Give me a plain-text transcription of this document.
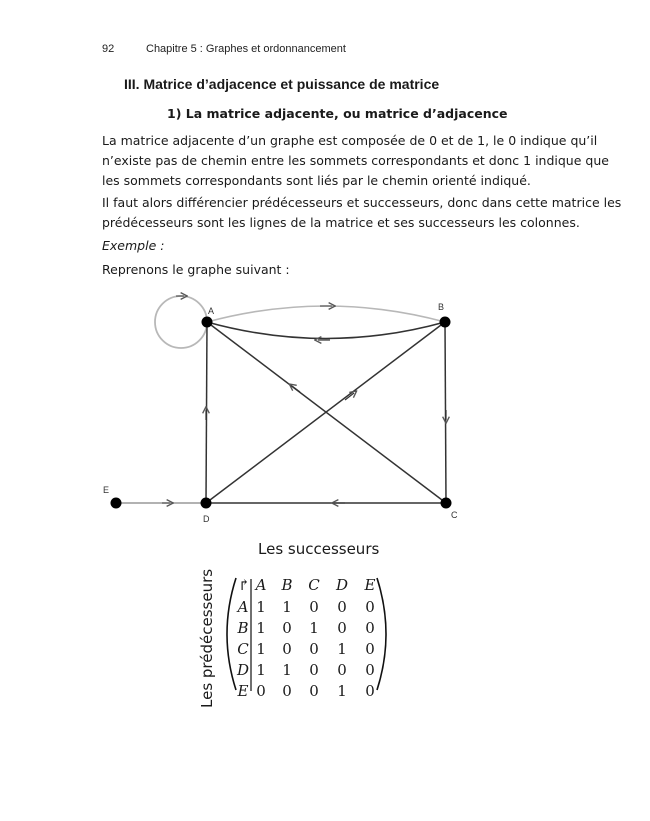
92	Chapitre 5 : Graphes et ordonnancement
III. Matrice d’adjacence et puissance de matrice
1) La matrice adjacente, ou matrice d’adjacence
La matrice adjacente d’un graphe est composée de 0 et de 1, le 0 indique qu’il
n’existe pas de chemin entre les sommets correspondants et donc 1 indique que
les sommets correspondants sont liés par le chemin orienté indiqué.
Il faut alors différencier prédécesseurs et successeurs, donc dans cette matrice les
prédécesseurs sont les lignes de la matrice et ses successeurs les colonnes.
Exemple :
Reprenons le graphe suivant :
A	B
C
D
E
Les successeurs
Les prédécesseurs	↱ A	B	C	D	E
A 1	1	0	0	0
B 1	0	1	0	0
C 1	0	0	1	0
D 1	1	0	0	0
E 0	0	0	1	0
